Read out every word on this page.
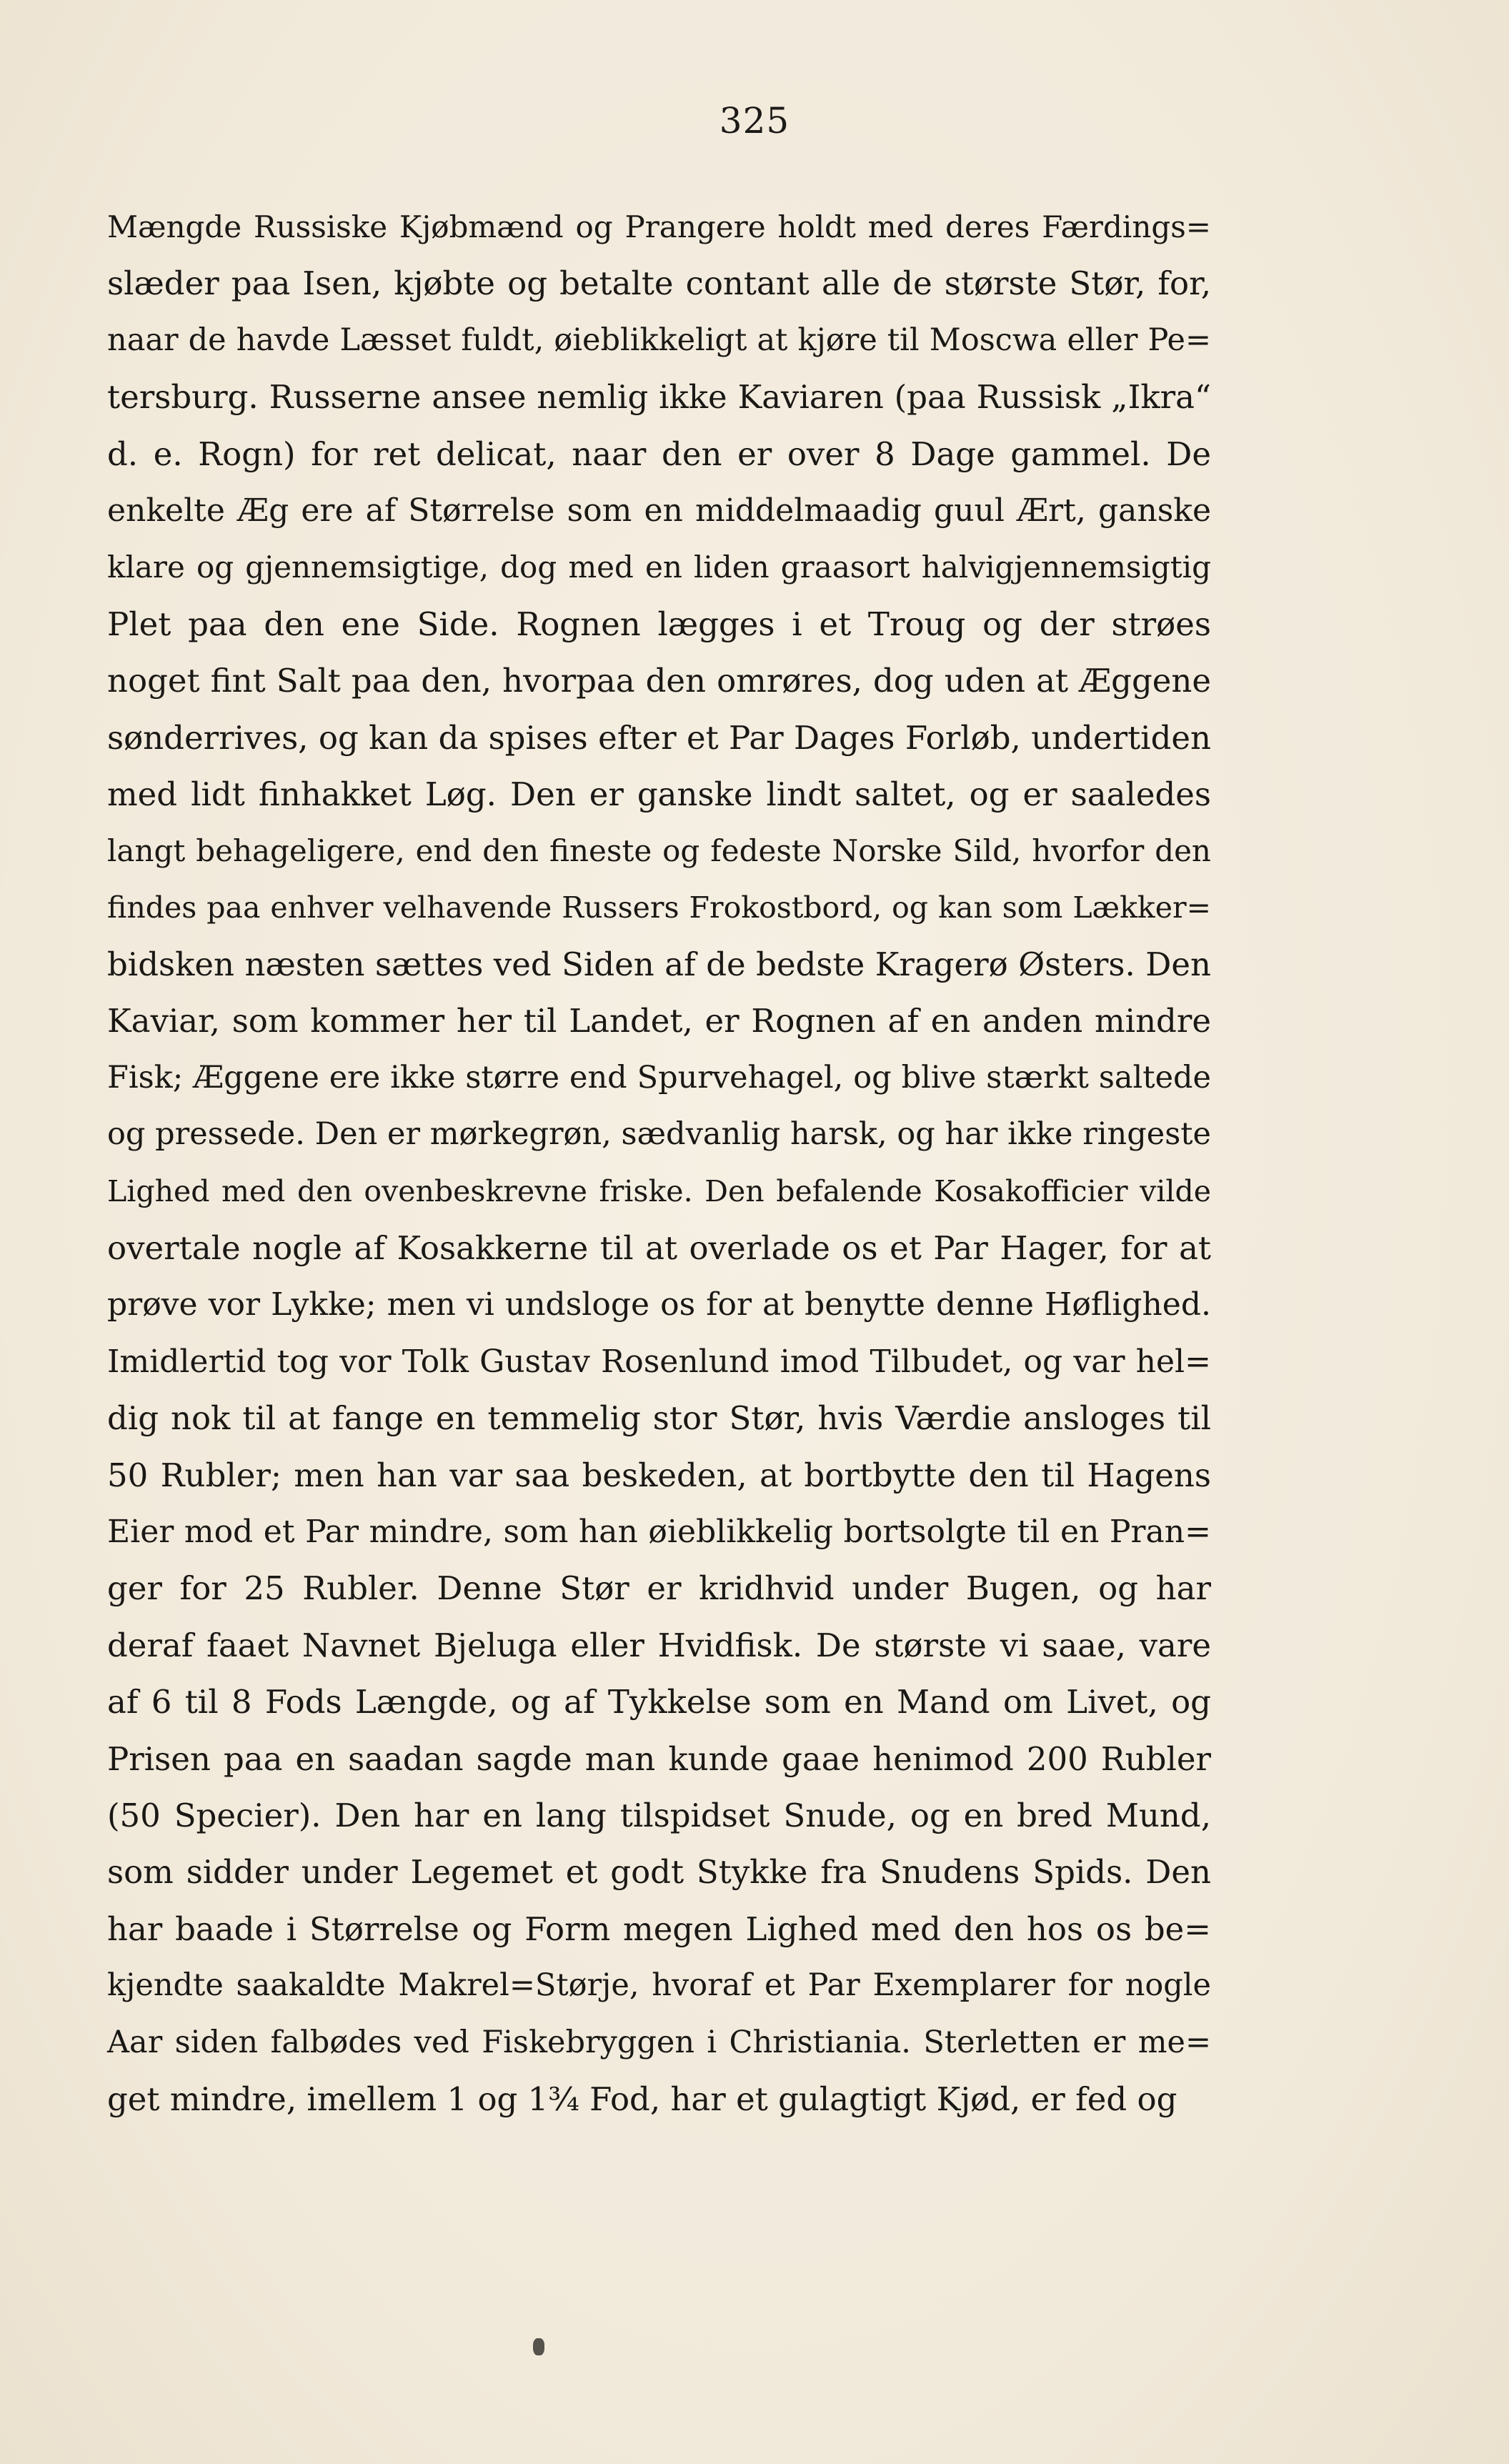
325
Mængde Russiske Kjøbmænd og Prangere holdt med deres Færdings=
slæder paa Isen, kjøbte og betalte contant alle de største Stør, for,
naar de havde Læsset fuldt, øieblikkeligt at kjøre til Moscwa eller Pe=
tersburg. Russerne ansee nemlig ikke Kaviaren (paa Russisk „Ikra“
d. e. Rogn) for ret delicat, naar den er over 8 Dage gammel. De
enkelte Æg ere af Størrelse som en middelmaadig guul Ært, ganske
klare og gjennemsigtige, dog med en liden graasort halvigjennemsigtig
Plet paa den ene Side. Rognen lægges i et Troug og der strøes
noget fint Salt paa den, hvorpaa den omrøres, dog uden at Æggene
sønderrives, og kan da spises efter et Par Dages Forløb, undertiden
med lidt finhakket Løg. Den er ganske lindt saltet, og er saaledes
langt behageligere, end den fineste og fedeste Norske Sild, hvorfor den
findes paa enhver velhavende Russers Frokostbord, og kan som Lækker=
bidsken næsten sættes ved Siden af de bedste Kragerø Østers. Den
Kaviar, som kommer her til Landet, er Rognen af en anden mindre
Fisk; Æggene ere ikke større end Spurvehagel, og blive stærkt saltede
og pressede. Den er mørkegrøn, sædvanlig harsk, og har ikke ringeste
Lighed med den ovenbeskrevne friske. Den befalende Kosakofficier vilde
overtale nogle af Kosakkerne til at overlade os et Par Hager, for at
prøve vor Lykke; men vi undsloge os for at benytte denne Høflighed.
Imidlertid tog vor Tolk Gustav Rosenlund imod Tilbudet, og var hel=
dig nok til at fange en temmelig stor Stør, hvis Værdie ansloges til
50 Rubler; men han var saa beskeden, at bortbytte den til Hagens
Eier mod et Par mindre, som han øieblikkelig bortsolgte til en Pran=
ger for 25 Rubler. Denne Stør er kridhvid under Bugen, og har
deraf faaet Navnet Bjeluga eller Hvidfisk. De største vi saae, vare
af 6 til 8 Fods Længde, og af Tykkelse som en Mand om Livet, og
Prisen paa en saadan sagde man kunde gaae henimod 200 Rubler
(50 Specier). Den har en lang tilspidset Snude, og en bred Mund,
som sidder under Legemet et godt Stykke fra Snudens Spids. Den
har baade i Størrelse og Form megen Lighed med den hos os be=
kjendte saakaldte Makrel=Størje, hvoraf et Par Exemplarer for nogle
Aar siden falbødes ved Fiskebryggen i Christiania. Sterletten er me=
get mindre, imellem 1 og 1³⁄₄ Fod, har et gulagtigt Kjød, er fed og
